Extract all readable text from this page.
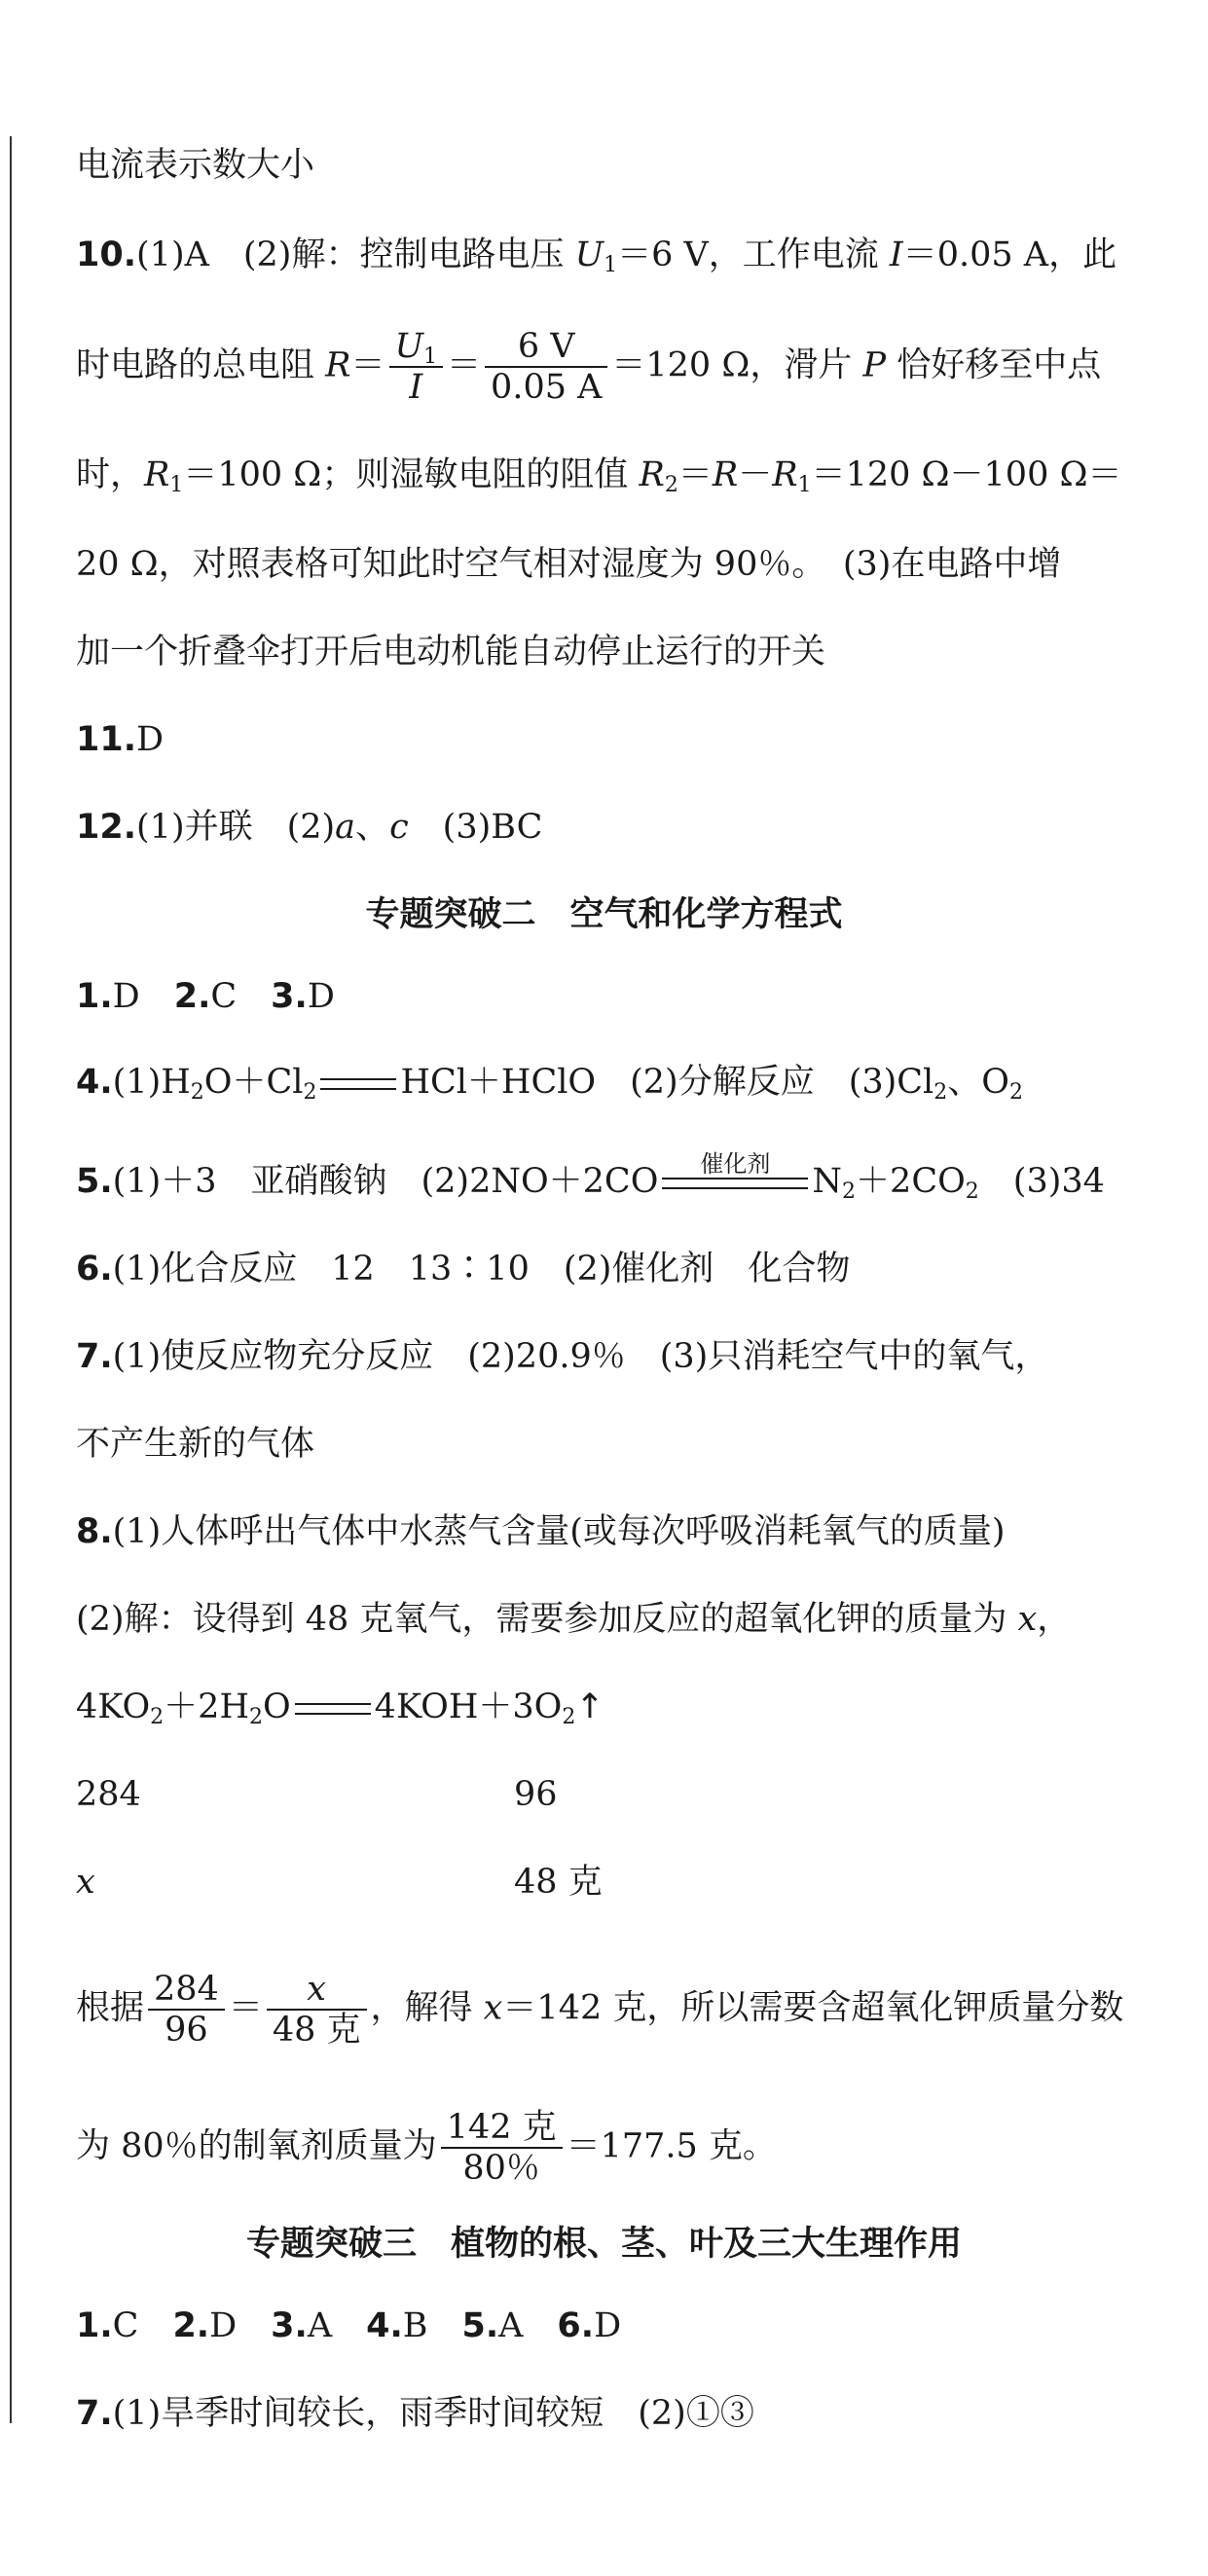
电流表示数大小
10.(1)A　(2)解：控制电路电压 $U_1=6$ V，工作电流 I＝0.05 A，此
时电路的总电阻 $R= \frac{U_1}{I} = \frac{6 V}{0.05 A} =120$ Ω，滑片 P 恰好移至中点
时，$R_1=100$ Ω；则湿敏电阻的阻值 $R_2=R-R_1=120$ Ω－100 Ω＝
20 Ω，对照表格可知此时空气相对湿度为 90％。　(3)在电路中增
加一个折叠伞打开后电动机能自动停止运行的开关
11.D
12.(1)并联　(2)a、c　(3)BC
专题突破二　空气和化学方程式
1.D　2.C　3.D
$4.(1)H_2O+Cl_2$ HCl＋HClO　(2)分解反应　$(3)Cl_2$、$O_2$
5.(1)＋3　亚硝酸钠　(2)2NO＋2CO	催化剂	$N_2+2CO_2$　(3)34
6.(1)化合反应　12　13∶10　(2)催化剂　化合物
7.(1)使反应物充分反应　(2)20.9％　(3)只消耗空气中的氧气，
不产生新的气体
8.(1)人体呼出气体中水蒸气含量(或每次呼吸消耗氧气的质量)
(2)解：设得到 48 克氧气，需要参加反应的超氧化钾的质量为 x，
$4KO_2+2H_2O$ $4KOH+3O_2↑$
284	96
x	48 克
根据 $\frac{284}{96} = \frac{x}{\text{48 克}}$ ，解得 x＝142 克，所以需要含超氧化钾质量分数
为 80％的制氧剂质量为 $\frac{\text{142 克}}{80\%} =177.5$ 克。
专题突破三　植物的根、茎、叶及三大生理作用
1.C　2.D　3.A　4.B　5.A　6.D
7.(1)旱季时间较长，雨季时间较短　(2)①③
